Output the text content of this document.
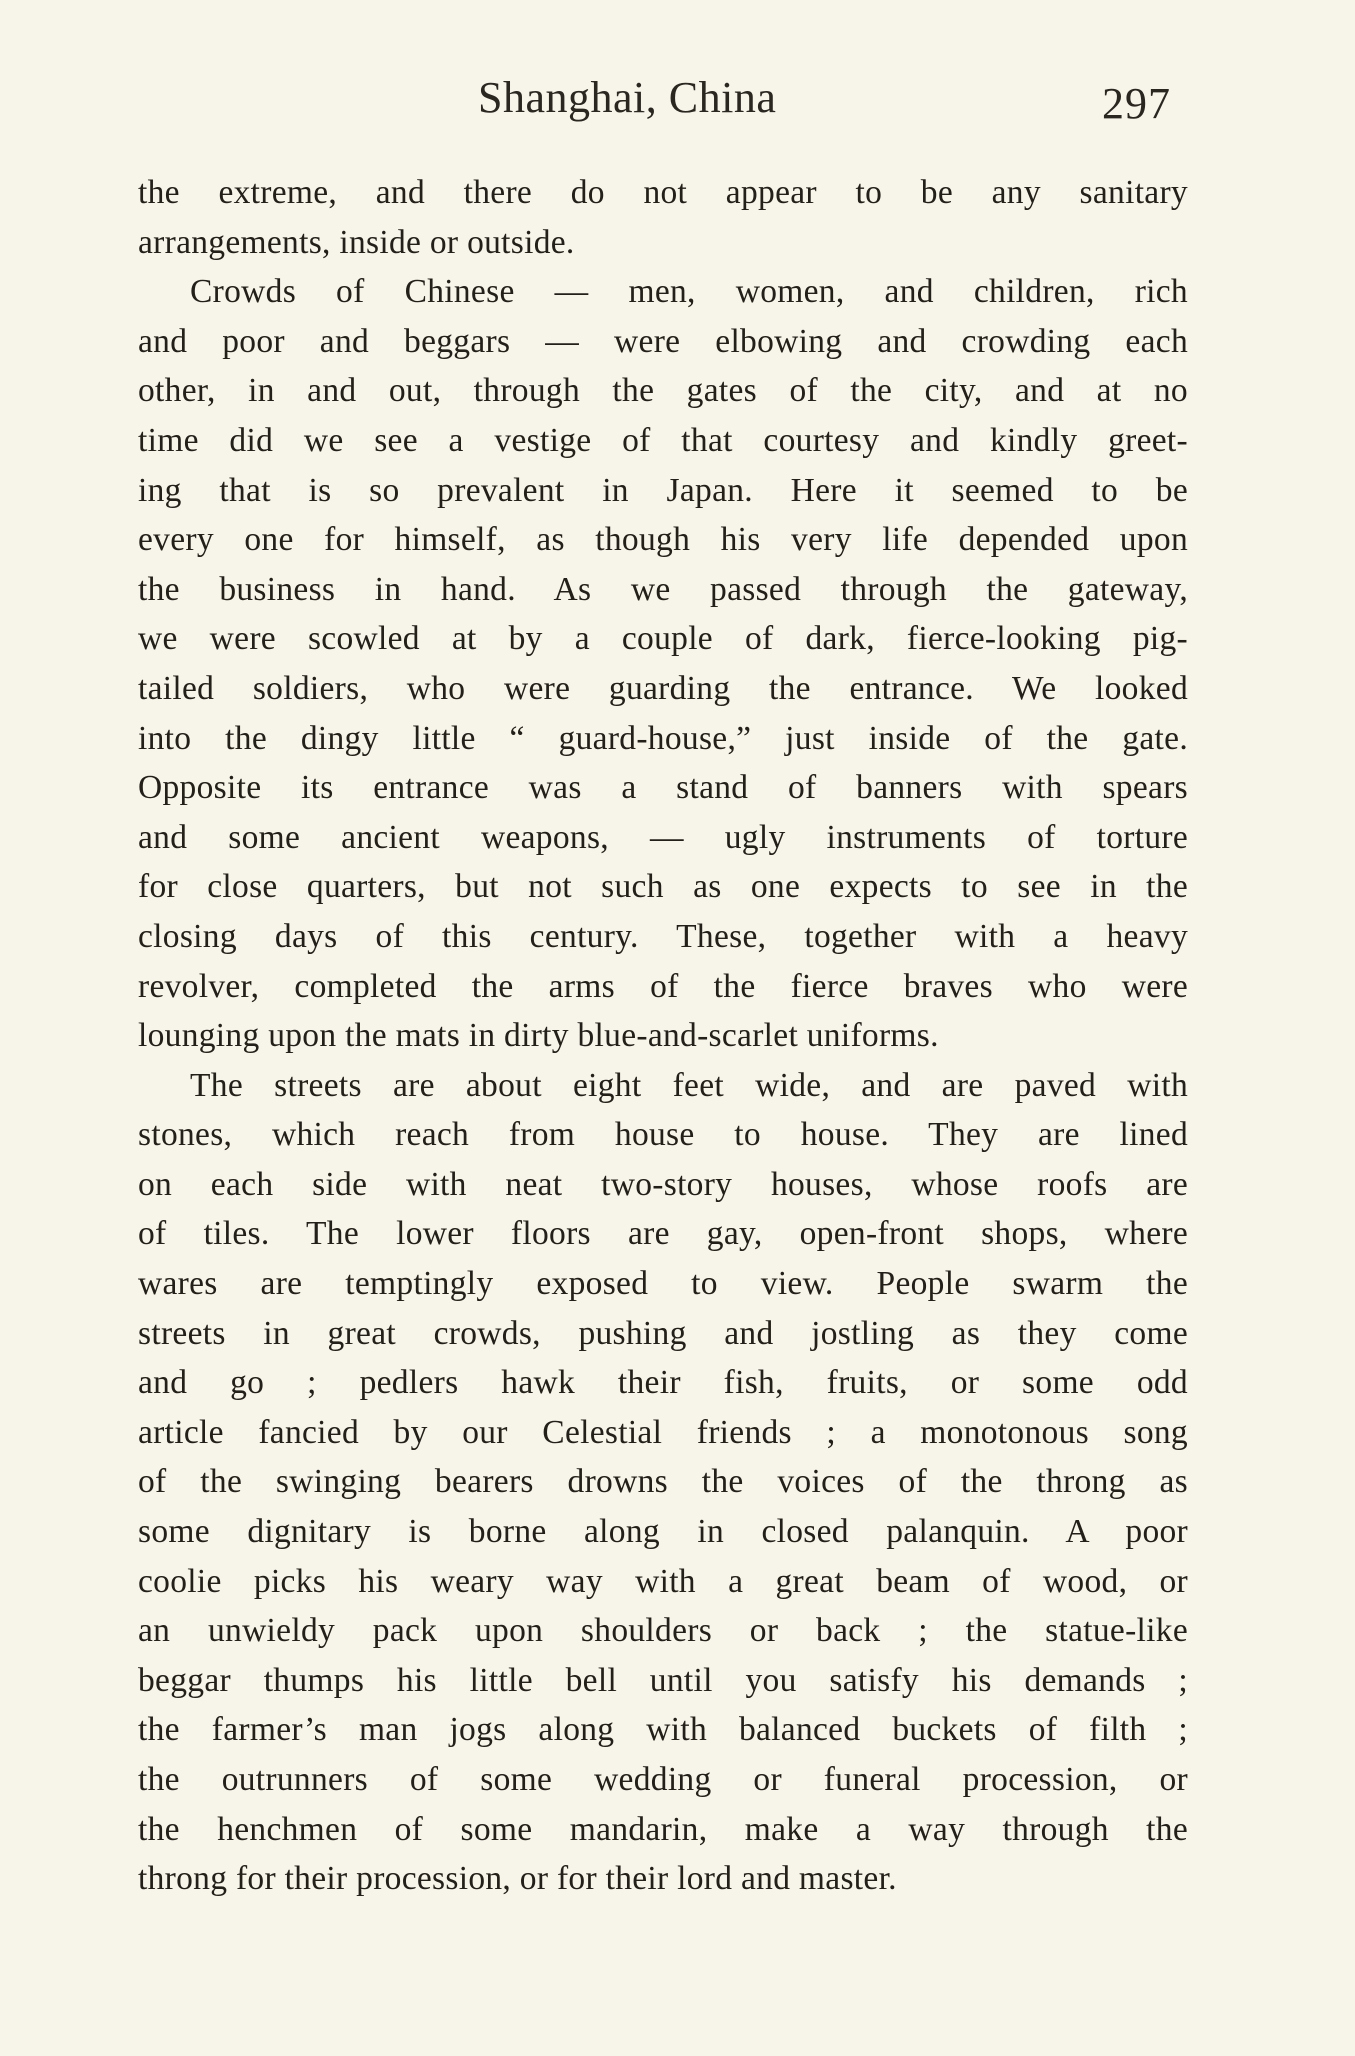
Shanghai, China	297
the extreme, and there do not appear to be any sanitary
arrangements, inside or outside.
Crowds of Chinese — men, women, and children, rich
and poor and beggars — were elbowing and crowding each
other, in and out, through the gates of the city, and at no
time did we see a vestige of that courtesy and kindly greet-
ing that is so prevalent in Japan. Here it seemed to be
every one for himself, as though his very life depended upon
the business in hand. As we passed through the gateway,
we were scowled at by a couple of dark, fierce-looking pig-
tailed soldiers, who were guarding the entrance. We looked
into the dingy little “ guard-house,” just inside of the gate.
Opposite its entrance was a stand of banners with spears
and some ancient weapons, — ugly instruments of torture
for close quarters, but not such as one expects to see in the
closing days of this century. These, together with a heavy
revolver, completed the arms of the fierce braves who were
lounging upon the mats in dirty blue-and-scarlet uniforms.
The streets are about eight feet wide, and are paved with
stones, which reach from house to house. They are lined
on each side with neat two-story houses, whose roofs are
of tiles. The lower floors are gay, open-front shops, where
wares are temptingly exposed to view. People swarm the
streets in great crowds, pushing and jostling as they come
and go ; pedlers hawk their fish, fruits, or some odd
article fancied by our Celestial friends ; a monotonous song
of the swinging bearers drowns the voices of the throng as
some dignitary is borne along in closed palanquin. A poor
coolie picks his weary way with a great beam of wood, or
an unwieldy pack upon shoulders or back ; the statue-like
beggar thumps his little bell until you satisfy his demands ;
the farmer’s man jogs along with balanced buckets of filth ;
the outrunners of some wedding or funeral procession, or
the henchmen of some mandarin, make a way through the
throng for their procession, or for their lord and master.
